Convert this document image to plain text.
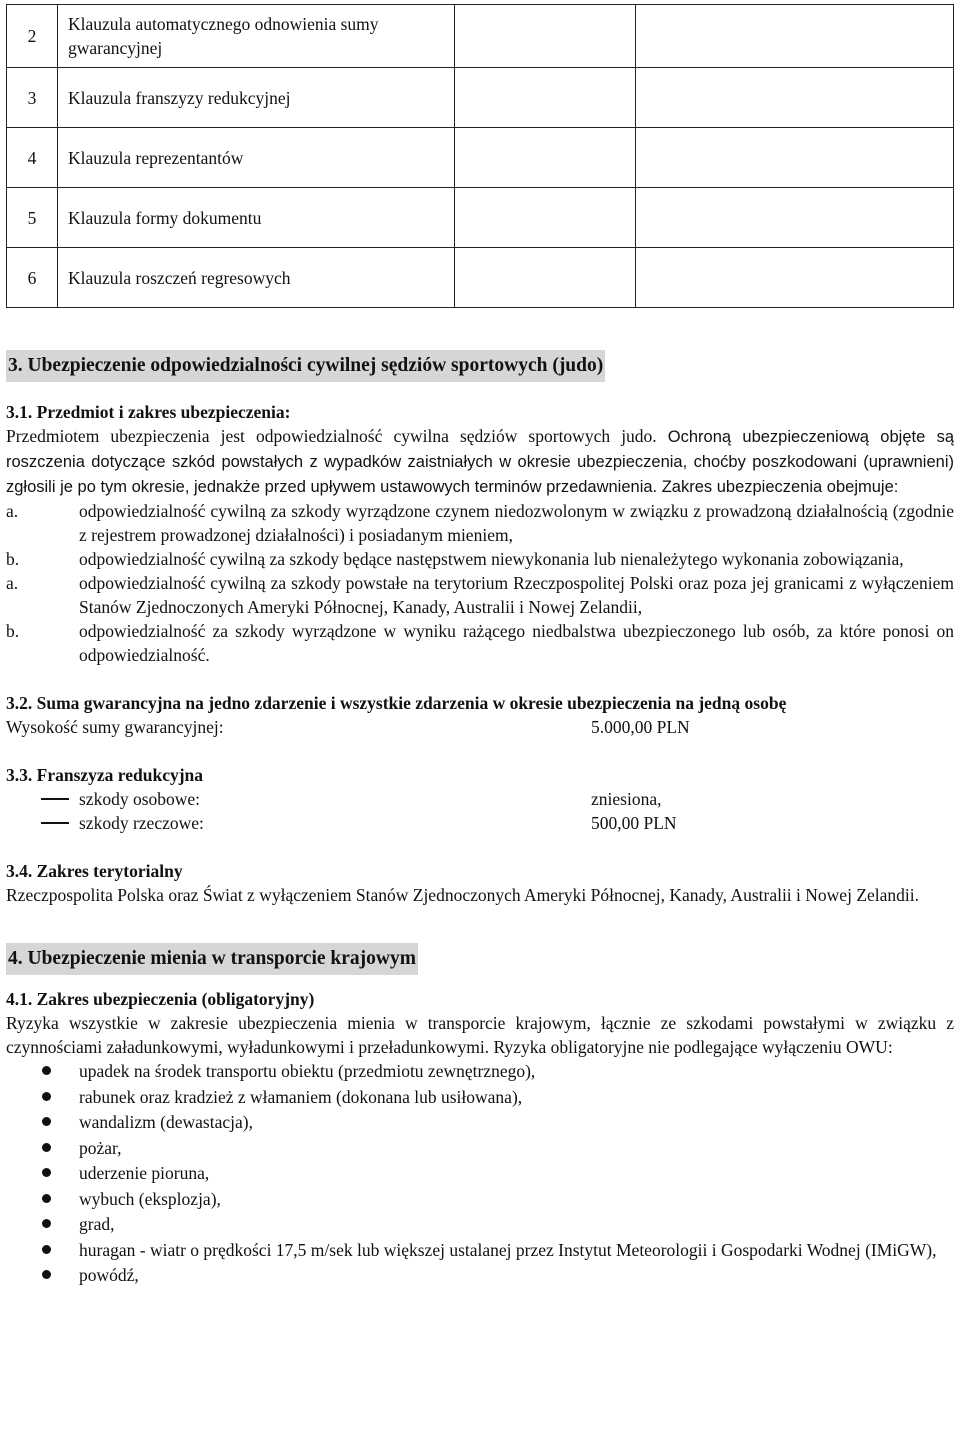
2	Klauzula automatycznego odnowienia sumy gwarancyjnej		
3	Klauzula franszyzy redukcyjnej		
4	Klauzula reprezentantów		
5	Klauzula formy dokumentu		
6	Klauzula roszczeń regresowych		
3. Ubezpieczenie odpowiedzialności cywilnej sędziów sportowych (judo)
3.1. Przedmiot i zakres ubezpieczenia:
Przedmiotem ubezpieczenia jest odpowiedzialność cywilna sędziów sportowych judo. Ochroną ubezpieczeniową objęte są roszczenia dotyczące szkód powstałych z wypadków zaistniałych w okresie ubezpieczenia, choćby poszkodowani (uprawnieni) zgłosili je po tym okresie, jednakże przed upływem ustawowych terminów przedawnienia. Zakres ubezpieczenia obejmuje:
a.	odpowiedzialność cywilną za szkody wyrządzone czynem niedozwolonym w związku z prowadzoną działalnością (zgodnie z rejestrem prowadzonej działalności) i posiadanym mieniem,
b.	odpowiedzialność cywilną za szkody będące następstwem niewykonania lub nienależytego wykonania zobowiązania,
a.	odpowiedzialność cywilną za szkody powstałe na terytorium Rzeczpospolitej Polski oraz poza jej granicami z wyłączeniem Stanów Zjednoczonych Ameryki Północnej, Kanady, Australii i Nowej Zelandii,
b.	odpowiedzialność za szkody wyrządzone w wyniku rażącego niedbalstwa ubezpieczonego lub osób, za które ponosi on odpowiedzialność.
3.2. Suma gwarancyjna na jedno zdarzenie i wszystkie zdarzenia w okresie ubezpieczenia na jedną osobę
Wysokość sumy gwarancyjnej:	5.000,00 PLN
3.3. Franszyza redukcyjna
szkody osobowe:	zniesiona,
szkody rzeczowe:	500,00 PLN
3.4. Zakres terytorialny
Rzeczpospolita Polska oraz Świat z wyłączeniem Stanów Zjednoczonych Ameryki Północnej, Kanady, Australii i Nowej Zelandii.
4. Ubezpieczenie mienia w transporcie krajowym
4.1. Zakres ubezpieczenia (obligatoryjny)
Ryzyka wszystkie w zakresie ubezpieczenia mienia w transporcie krajowym, łącznie ze szkodami powstałymi w związku z czynnościami załadunkowymi, wyładunkowymi i przeładunkowymi. Ryzyka obligatoryjne nie podlegające wyłączeniu OWU:
upadek na środek transportu obiektu (przedmiotu zewnętrznego),
rabunek oraz kradzież z włamaniem (dokonana lub usiłowana),
wandalizm (dewastacja),
pożar,
uderzenie pioruna,
wybuch (eksplozja),
grad,
huragan - wiatr o prędkości 17,5 m/sek lub większej ustalanej przez Instytut Meteorologii i Gospodarki Wodnej (IMiGW),
powódź,
